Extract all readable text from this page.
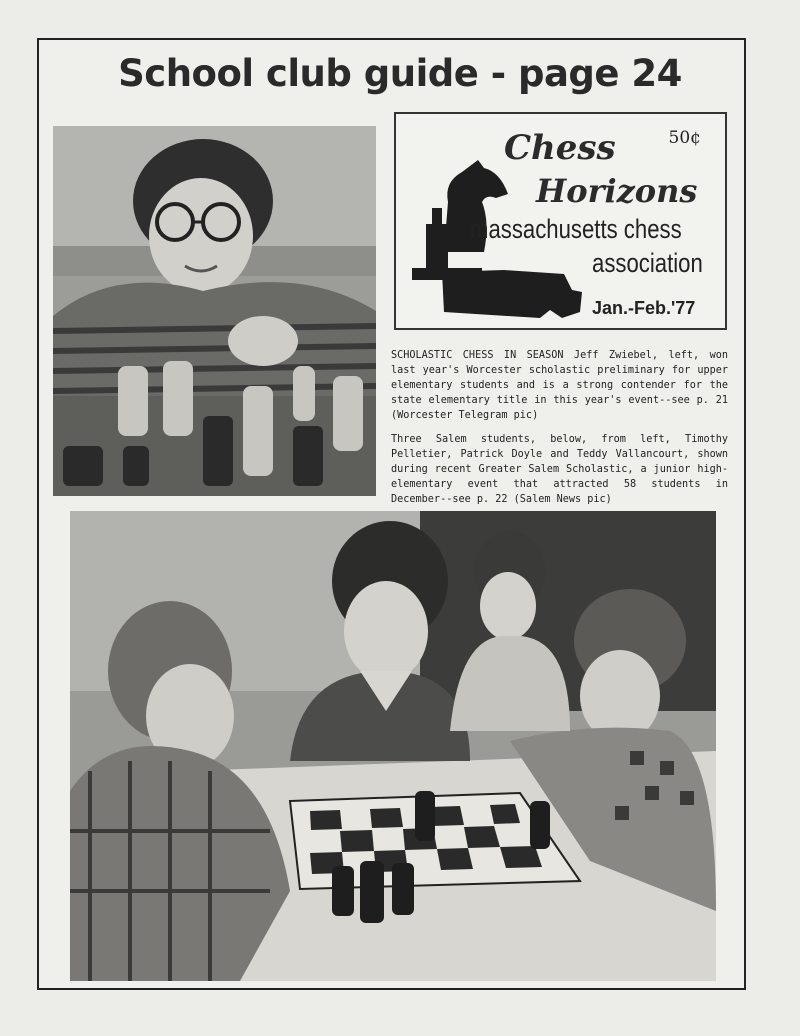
School club guide - page 24
50¢
Chess
Horizons
massachusetts chess
association
Jan.-Feb.'77
SCHOLASTIC CHESS IN SEASON Jeff Zwiebel, left, won last year's Worcester scholastic preliminary for upper elementary students and is a strong contender for the state elementary title in this year's event--see p. 21 (Worcester Telegram pic)
Three Salem students, below, from left, Timothy Pelletier, Patrick Doyle and Teddy Vallancourt, shown during recent Greater Salem Scholastic, a junior high-elementary event that attracted 58 students in December--see p. 22 (Salem News pic)
